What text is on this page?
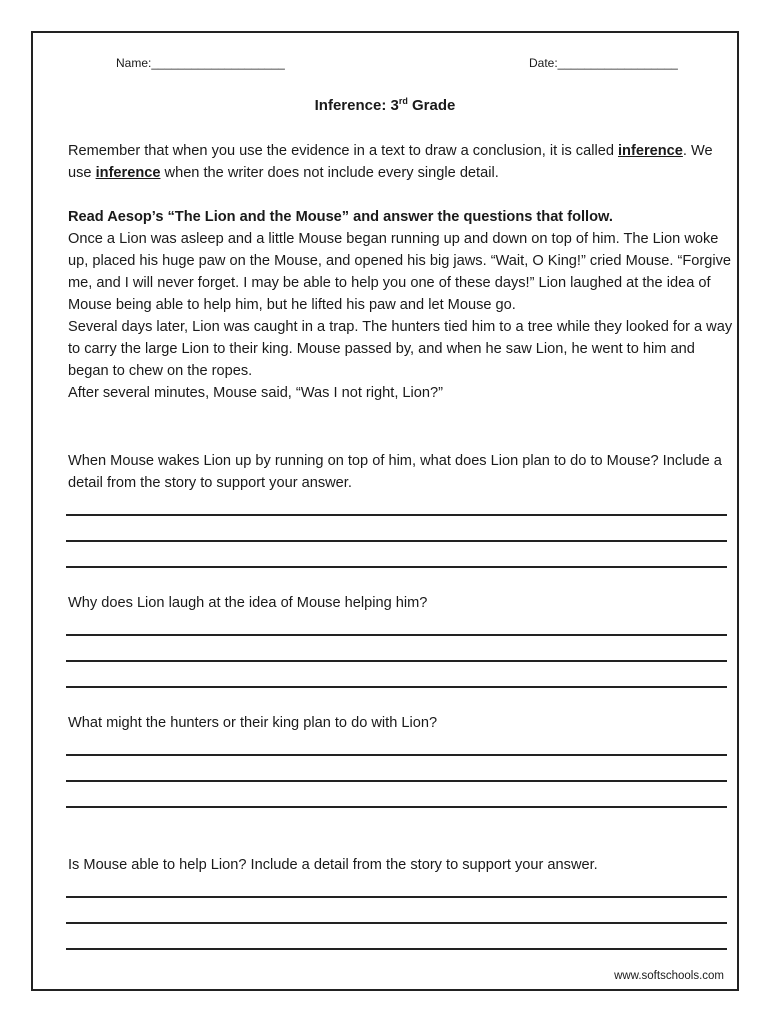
Name:____________________	Date:__________________
Inference: 3rd Grade
Remember that when you use the evidence in a text to draw a conclusion, it is called inference. We use inference when the writer does not include every single detail.
Read Aesop’s “The Lion and the Mouse” and answer the questions that follow.
Once a Lion was asleep and a little Mouse began running up and down on top of him. The Lion woke up, placed his huge paw on the Mouse, and opened his big jaws. “Wait, O King!” cried Mouse. “Forgive me, and I will never forget. I may be able to help you one of these days!” Lion laughed at the idea of Mouse being able to help him, but he lifted his paw and let Mouse go.
Several days later, Lion was caught in a trap. The hunters tied him to a tree while they looked for a way to carry the large Lion to their king. Mouse passed by, and when he saw Lion, he went to him and began to chew on the ropes.
After several minutes, Mouse said, “Was I not right, Lion?”
When Mouse wakes Lion up by running on top of him, what does Lion plan to do to Mouse? Include a detail from the story to support your answer.
Why does Lion laugh at the idea of Mouse helping him?
What might the hunters or their king plan to do with Lion?
Is Mouse able to help Lion? Include a detail from the story to support your answer.
www.softschools.com
